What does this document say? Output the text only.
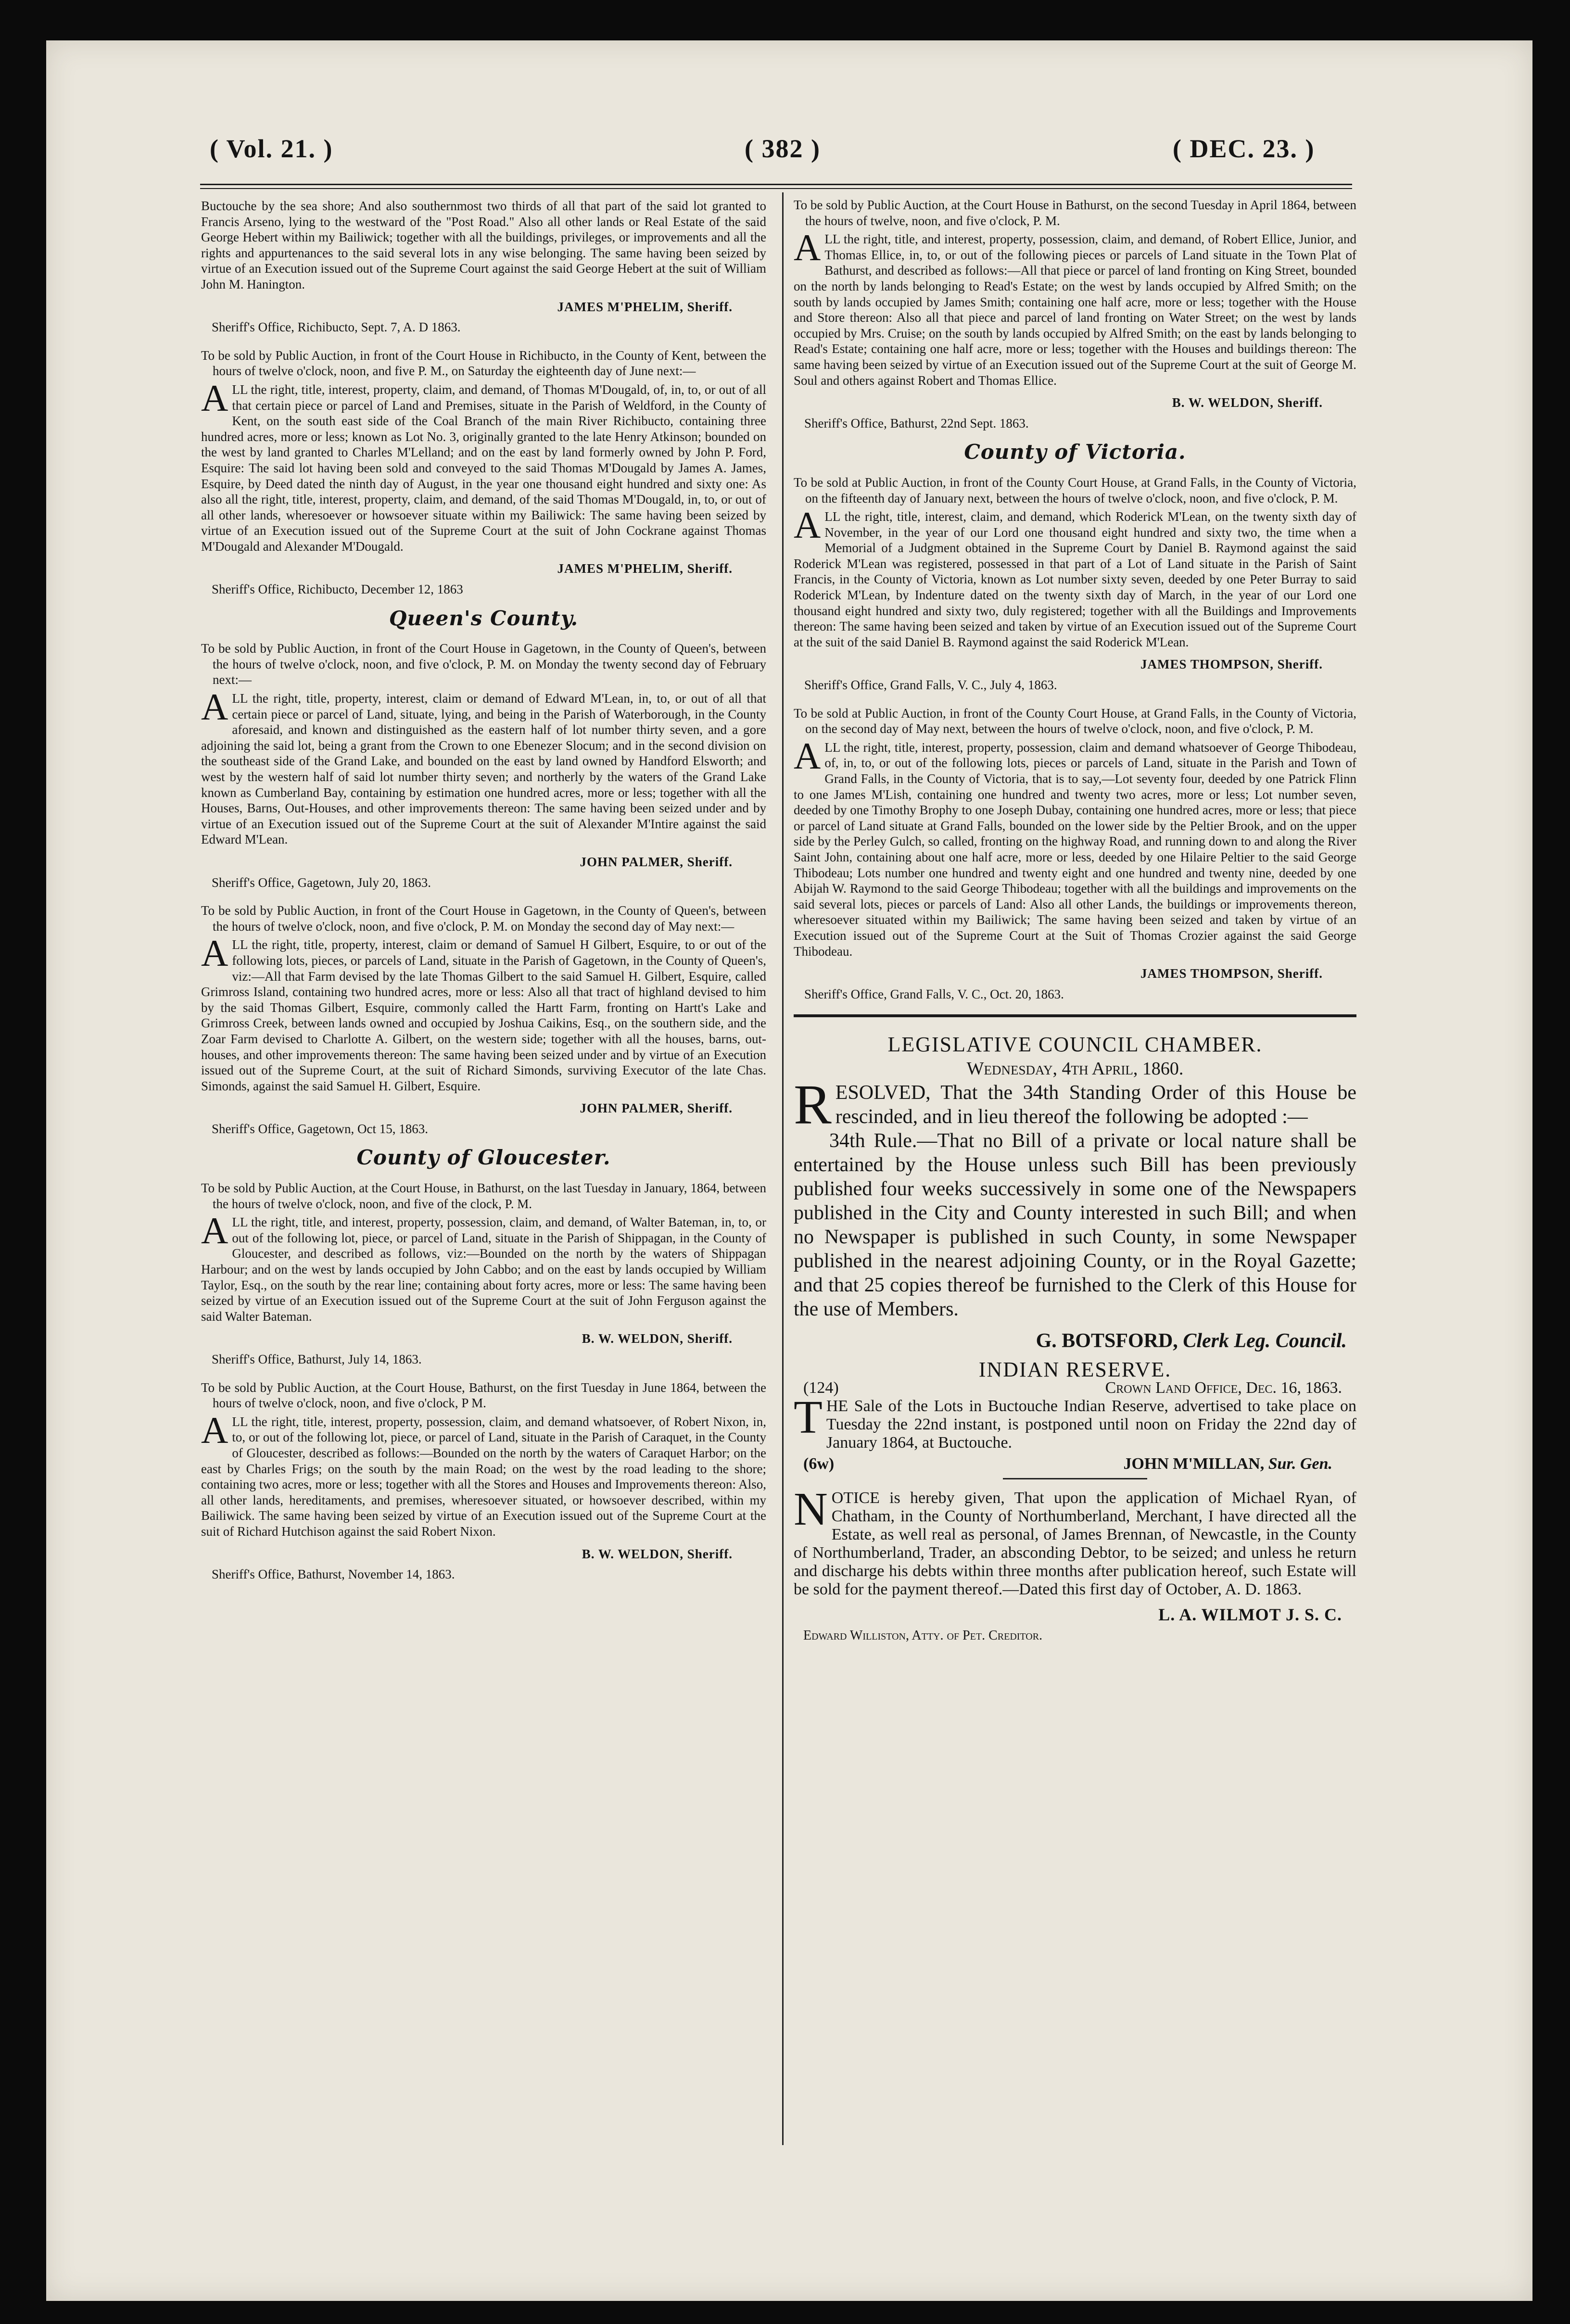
( Vol. 21. )	( 382 )	( DEC. 23. )

Buctouche by the sea shore; And also southernmost two thirds of all that part of the said lot granted to Francis Arseno, lying to the westward of the "Post Road." Also all other lands or Real Estate of the said George Hebert within my Bailiwick; together with all the buildings, privileges, or improvements and all the rights and appurtenances to the said several lots in any wise belonging. The same having been seized by virtue of an Execution issued out of the Supreme Court against the said George Hebert at the suit of William John M. Hanington.

JAMES M'PHELIM, Sheriff.

Sheriff's Office, Richibucto, Sept. 7, A. D 1863.

To be sold by Public Auction, in front of the Court House in Richibucto, in the County of Kent, between the hours of twelve o'clock, noon, and five P. M., on Saturday the eighteenth day of June next:—

ALL the right, title, interest, property, claim, and demand, of Thomas M'Dougald, of, in, to, or out of all that certain piece or parcel of Land and Premises, situate in the Parish of Weldford, in the County of Kent, on the south east side of the Coal Branch of the main River Richibucto, containing three hundred acres, more or less; known as Lot No. 3, originally granted to the late Henry Atkinson; bounded on the west by land granted to Charles M'Lelland; and on the east by land formerly owned by John P. Ford, Esquire: The said lot having been sold and conveyed to the said Thomas M'Dougald by James A. James, Esquire, by Deed dated the ninth day of August, in the year one thousand eight hundred and sixty one: As also all the right, title, interest, property, claim, and demand, of the said Thomas M'Dougald, in, to, or out of all other lands, wheresoever or howsoever situate within my Bailiwick: The same having been seized by virtue of an Execution issued out of the Supreme Court at the suit of John Cockrane against Thomas M'Dougald and Alexander M'Dougald.

JAMES M'PHELIM, Sheriff.

Sheriff's Office, Richibucto, December 12, 1863

Queen's County.

To be sold by Public Auction, in front of the Court House in Gagetown, in the County of Queen's, between the hours of twelve o'clock, noon, and five o'clock, P. M. on Monday the twenty second day of February next:—

ALL the right, title, property, interest, claim or demand of Edward M'Lean, in, to, or out of all that certain piece or parcel of Land, situate, lying, and being in the Parish of Waterborough, in the County aforesaid, and known and distinguished as the eastern half of lot number thirty seven, and a gore adjoining the said lot, being a grant from the Crown to one Ebenezer Slocum; and in the second division on the southeast side of the Grand Lake, and bounded on the east by land owned by Handford Elsworth; and west by the western half of said lot number thirty seven; and northerly by the waters of the Grand Lake known as Cumberland Bay, containing by estimation one hundred acres, more or less; together with all the Houses, Barns, Out-Houses, and other improvements thereon: The same having been seized under and by virtue of an Execution issued out of the Supreme Court at the suit of Alexander M'Intire against the said Edward M'Lean.

JOHN PALMER, Sheriff.

Sheriff's Office, Gagetown, July 20, 1863.

To be sold by Public Auction, in front of the Court House in Gagetown, in the County of Queen's, between the hours of twelve o'clock, noon, and five o'clock, P. M. on Monday the second day of May next:—

ALL the right, title, property, interest, claim or demand of Samuel H Gilbert, Esquire, to or out of the following lots, pieces, or parcels of Land, situate in the Parish of Gagetown, in the County of Queen's, viz:—All that Farm devised by the late Thomas Gilbert to the said Samuel H. Gilbert, Esquire, called Grimross Island, containing two hundred acres, more or less: Also all that tract of highland devised to him by the said Thomas Gilbert, Esquire, commonly called the Hartt Farm, fronting on Hartt's Lake and Grimross Creek, between lands owned and occupied by Joshua Caikins, Esq., on the southern side, and the Zoar Farm devised to Charlotte A. Gilbert, on the western side; together with all the houses, barns, out-houses, and other improvements thereon: The same having been seized under and by virtue of an Execution issued out of the Supreme Court, at the suit of Richard Simonds, surviving Executor of the late Chas. Simonds, against the said Samuel H. Gilbert, Esquire.

JOHN PALMER, Sheriff.

Sheriff's Office, Gagetown, Oct 15, 1863.

County of Gloucester.

To be sold by Public Auction, at the Court House, in Bathurst, on the last Tuesday in January, 1864, between the hours of twelve o'clock, noon, and five of the clock, P. M.

ALL the right, title, and interest, property, possession, claim, and demand, of Walter Bateman, in, to, or out of the following lot, piece, or parcel of Land, situate in the Parish of Shippagan, in the County of Gloucester, and described as follows, viz:—Bounded on the north by the waters of Shippagan Harbour; and on the west by lands occupied by John Cabbo; and on the east by lands occupied by William Taylor, Esq., on the south by the rear line; containing about forty acres, more or less: The same having been seized by virtue of an Execution issued out of the Supreme Court at the suit of John Ferguson against the said Walter Bateman.

B. W. WELDON, Sheriff.

Sheriff's Office, Bathurst, July 14, 1863.

To be sold by Public Auction, at the Court House, Bathurst, on the first Tuesday in June 1864, between the hours of twelve o'clock, noon, and five o'clock, P M.

ALL the right, title, interest, property, possession, claim, and demand whatsoever, of Robert Nixon, in, to, or out of the following lot, piece, or parcel of Land, situate in the Parish of Caraquet, in the County of Gloucester, described as follows:—Bounded on the north by the waters of Caraquet Harbor; on the east by Charles Frigs; on the south by the main Road; on the west by the road leading to the shore; containing two acres, more or less; together with all the Stores and Houses and Improvements thereon: Also, all other lands, hereditaments, and premises, wheresoever situated, or howsoever described, within my Bailiwick. The same having been seized by virtue of an Execution issued out of the Supreme Court at the suit of Richard Hutchison against the said Robert Nixon.

B. W. WELDON, Sheriff.

Sheriff's Office, Bathurst, November 14, 1863.

To be sold by Public Auction, at the Court House in Bathurst, on the second Tuesday in April 1864, between the hours of twelve, noon, and five o'clock, P. M.

ALL the right, title, and interest, property, possession, claim, and demand, of Robert Ellice, Junior, and Thomas Ellice, in, to, or out of the following pieces or parcels of Land situate in the Town Plat of Bathurst, and described as follows:—All that piece or parcel of land fronting on King Street, bounded on the north by lands belonging to Read's Estate; on the west by lands occupied by Alfred Smith; on the south by lands occupied by James Smith; containing one half acre, more or less; together with the House and Store thereon: Also all that piece and parcel of land fronting on Water Street; on the west by lands occupied by Mrs. Cruise; on the south by lands occupied by Alfred Smith; on the east by lands belonging to Read's Estate; containing one half acre, more or less; together with the Houses and buildings thereon: The same having been seized by virtue of an Execution issued out of the Supreme Court at the suit of George M. Soul and others against Robert and Thomas Ellice.

B. W. WELDON, Sheriff.

Sheriff's Office, Bathurst, 22nd Sept. 1863.

County of Victoria.

To be sold at Public Auction, in front of the County Court House, at Grand Falls, in the County of Victoria, on the fifteenth day of January next, between the hours of twelve o'clock, noon, and five o'clock, P. M.

ALL the right, title, interest, claim, and demand, which Roderick M'Lean, on the twenty sixth day of November, in the year of our Lord one thousand eight hundred and sixty two, the time when a Memorial of a Judgment obtained in the Supreme Court by Daniel B. Raymond against the said Roderick M'Lean was registered, possessed in that part of a Lot of Land situate in the Parish of Saint Francis, in the County of Victoria, known as Lot number sixty seven, deeded by one Peter Burray to said Roderick M'Lean, by Indenture dated on the twenty sixth day of March, in the year of our Lord one thousand eight hundred and sixty two, duly registered; together with all the Buildings and Improvements thereon: The same having been seized and taken by virtue of an Execution issued out of the Supreme Court at the suit of the said Daniel B. Raymond against the said Roderick M'Lean.

JAMES THOMPSON, Sheriff.

Sheriff's Office, Grand Falls, V. C., July 4, 1863.

To be sold at Public Auction, in front of the County Court House, at Grand Falls, in the County of Victoria, on the second day of May next, between the hours of twelve o'clock, noon, and five o'clock, P. M.

ALL the right, title, interest, property, possession, claim and demand whatsoever of George Thibodeau, of, in, to, or out of the following lots, pieces or parcels of Land, situate in the Parish and Town of Grand Falls, in the County of Victoria, that is to say,—Lot seventy four, deeded by one Patrick Flinn to one James M'Lish, containing one hundred and twenty two acres, more or less; Lot number seven, deeded by one Timothy Brophy to one Joseph Dubay, containing one hundred acres, more or less; that piece or parcel of Land situate at Grand Falls, bounded on the lower side by the Peltier Brook, and on the upper side by the Perley Gulch, so called, fronting on the highway Road, and running down to and along the River Saint John, containing about one half acre, more or less, deeded by one Hilaire Peltier to the said George Thibodeau; Lots number one hundred and twenty eight and one hundred and twenty nine, deeded by one Abijah W. Raymond to the said George Thibodeau; together with all the buildings and improvements on the said several lots, pieces or parcels of Land: Also all other Lands, the buildings or improvements thereon, wheresoever situated within my Bailiwick; The same having been seized and taken by virtue of an Execution issued out of the Supreme Court at the Suit of Thomas Crozier against the said George Thibodeau.

JAMES THOMPSON, Sheriff.

Sheriff's Office, Grand Falls, V. C., Oct. 20, 1863.

LEGISLATIVE COUNCIL CHAMBER.

Wednesday, 4th April, 1860.

RESOLVED, That the 34th Standing Order of this House be rescinded, and in lieu thereof the following be adopted :—

34th Rule.—That no Bill of a private or local nature shall be entertained by the House unless such Bill has been previously published four weeks successively in some one of the Newspapers published in the City and County interested in such Bill; and when no Newspaper is published in such County, in some Newspaper published in the nearest adjoining County, or in the Royal Gazette; and that 25 copies thereof be furnished to the Clerk of this House for the use of Members.

G. BOTSFORD, Clerk Leg. Council.

INDIAN RESERVE.

(124)	Crown Land Office, Dec. 16, 1863.

THE Sale of the Lots in Buctouche Indian Reserve, advertised to take place on Tuesday the 22nd instant, is postponed until noon on Friday the 22nd day of January 1864, at Buctouche.

(6w)	JOHN M'MILLAN, Sur. Gen.

NOTICE is hereby given, That upon the application of Michael Ryan, of Chatham, in the County of Northumberland, Merchant, I have directed all the Estate, as well real as personal, of James Brennan, of Newcastle, in the County of Northumberland, Trader, an absconding Debtor, to be seized; and unless he return and discharge his debts within three months after publication hereof, such Estate will be sold for the payment thereof.—Dated this first day of October, A. D. 1863.

L. A. WILMOT J. S. C.

Edward Williston, Atty. of Pet. Creditor.
